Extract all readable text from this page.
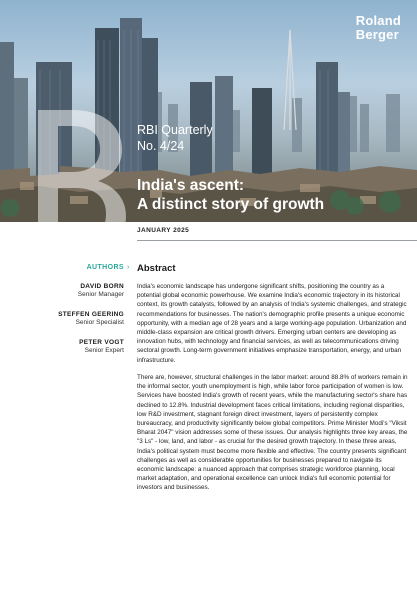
Roland
Berger
RBI Quarterly
No. 4/24
India's ascent:
A distinct story of growth
JANUARY 2025
AUTHORS ›
DAVID BORN
Senior Manager
STEFFEN GEERING
Senior Specialist
PETER VOGT
Senior Expert
Abstract

India's economic landscape has undergone significant shifts, positioning the country as a potential global economic powerhouse. We examine India's economic trajectory in its historical context, its growth catalysts, followed by an analysis of India's systemic challenges, and strategic recommendations for businesses. The nation's demographic profile presents a unique economic opportunity, with a median age of 28 years and a large working-age population. Urbanization and middle-class expansion are critical growth drivers. Emerging urban centers are developing as innovation hubs, with technology and financial services, as well as telecommunications driving sectoral growth. Long-term government initiatives emphasize transportation, energy, and urban infrastructure.

There are, however, structural challenges in the labor market: around 88.8% of workers remain in the informal sector, youth unemployment is high, while labor force participation of women is low. Services have boosted India's growth of recent years, while the manufacturing sector's share has declined to 12.8%. Industrial development faces critical limitations, including regional disparities, low R&D investment, stagnant foreign direct investment, layers of persistently complex bureaucracy, and productivity significantly below global competitors. Prime Minister Modi's "Viksit Bharat 2047" vision addresses some of these issues. Our analysis highlights three key areas, the "3 Ls" - low, land, and labor - as crucial for the desired growth trajectory. In these three areas, India's political system must become more flexible and effective. The country presents significant challenges as well as considerable opportunities for businesses prepared to navigate its economic landscape: a nuanced approach that comprises strategic workforce planning, local market adaptation, and operational excellence can unlock India's full economic potential for investors and businesses.
